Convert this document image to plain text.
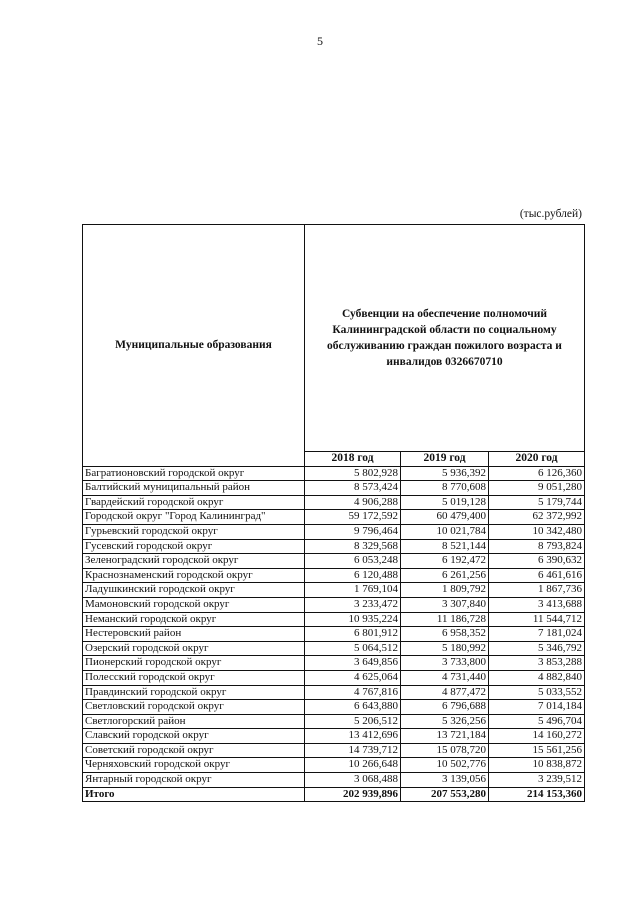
5
(тыс.рублей)
Муниципальные образования	Субвенции на обеспечение полномочий Калининградской области по социальному обслуживанию граждан пожилого возраста и инвалидов 0326670710		
	2018 год	2019 год	2020 год
Багратионовский городской округ	5 802,928	5 936,392	6 126,360
Балтийский муниципальный район	8 573,424	8 770,608	9 051,280
Гвардейский городской округ	4 906,288	5 019,128	5 179,744
Городской округ "Город Калининград"	59 172,592	60 479,400	62 372,992
Гурьевский городской округ	9 796,464	10 021,784	10 342,480
Гусевский городской округ	8 329,568	8 521,144	8 793,824
Зеленоградский городской округ	6 053,248	6 192,472	6 390,632
Краснознаменский городской округ	6 120,488	6 261,256	6 461,616
Ладушкинский городской округ	1 769,104	1 809,792	1 867,736
Мамоновский городской округ	3 233,472	3 307,840	3 413,688
Неманский городской округ	10 935,224	11 186,728	11 544,712
Нестеровский район	6 801,912	6 958,352	7 181,024
Озерский городской округ	5 064,512	5 180,992	5 346,792
Пионерский городской округ	3 649,856	3 733,800	3 853,288
Полесский городской округ	4 625,064	4 731,440	4 882,840
Правдинский городской округ	4 767,816	4 877,472	5 033,552
Светловский городской округ	6 643,880	6 796,688	7 014,184
Светлогорский район	5 206,512	5 326,256	5 496,704
Славский городской округ	13 412,696	13 721,184	14 160,272
Советский городской округ	14 739,712	15 078,720	15 561,256
Черняховский городской округ	10 266,648	10 502,776	10 838,872
Янтарный городской округ	3 068,488	3 139,056	3 239,512
Итого	202 939,896	207 553,280	214 153,360
